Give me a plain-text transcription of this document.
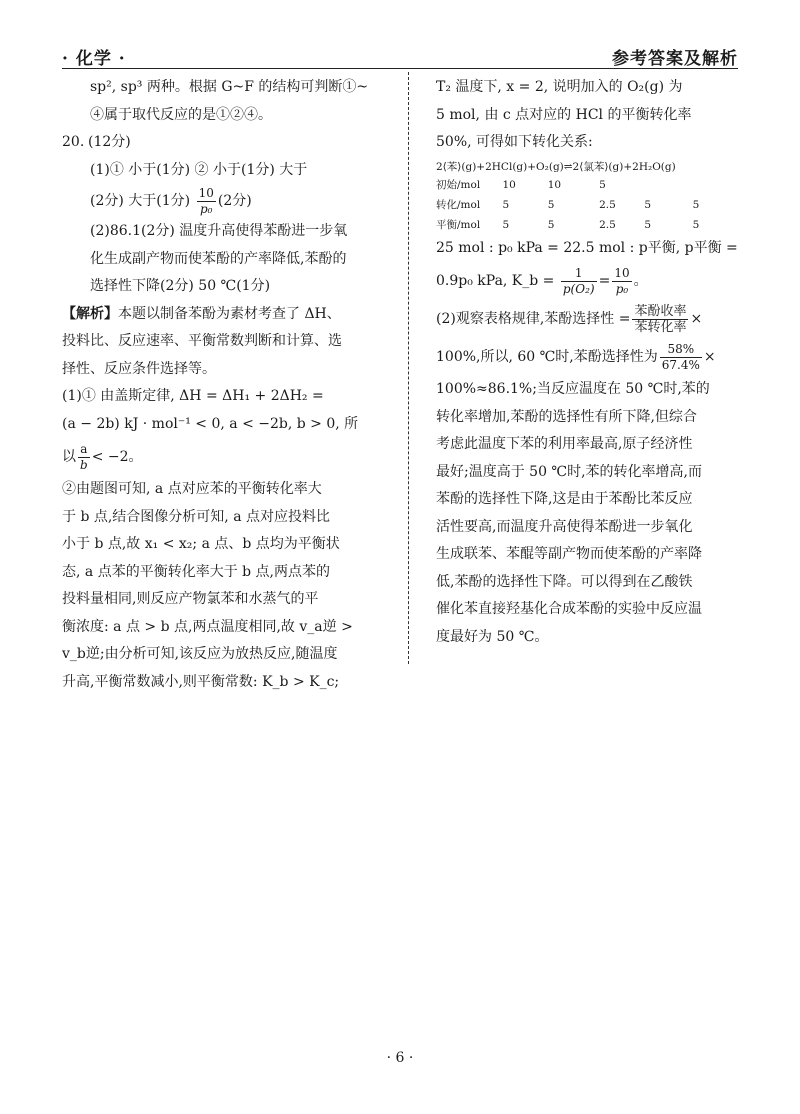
· 化学 ·	参考答案及解析

sp², sp³ 两种。根据 G~F 的结构可判断①~

④属于取代反应的是①②④。

20. (12分)

(1)① 小于(1分) ② 小于(1分) 大于

(2分) 大于(1分) $\frac{10}{\text{p₀}} (2$分)

(2)86.1(2分) 温度升高使得苯酚进一步氧

化生成副产物而使苯酚的产率降低,苯酚的

选择性下降(2分) 50 ℃(1分)

【解析】本题以制备苯酚为素材考查了 ΔH、

投料比、反应速率、平衡常数判断和计算、选

择性、反应条件选择等。

(1)① 由盖斯定律, ΔH = ΔH₁ + 2ΔH₂ =

(a − 2b) kJ · mol⁻¹ < 0, a < −2b, b > 0, 所

以 $\frac{a}{b} < -2$。

②由题图可知, a 点对应苯的平衡转化率大

于 b 点,结合图像分析可知, a 点对应投料比

小于 b 点,故 x₁ < x₂; a 点、b 点均为平衡状

态, a 点苯的平衡转化率大于 b 点,两点苯的

投料量相同,则反应产物氯苯和水蒸气的平

衡浓度: a 点 > b 点,两点温度相同,故 v_a逆 >

v_b逆;由分析可知,该反应为放热反应,随温度

升高,平衡常数减小,则平衡常数: K_b > K_c;

T₂ 温度下, x = 2, 说明加入的 O₂(g) 为

5 mol, 由 c 点对应的 HCl 的平衡转化率

50%, 可得如下转化关系:

2⟨苯⟩(g)+2HCl(g)+O₂(g)⇌2⟨氯苯⟩(g)+2H₂O(g)

初始/mol	10	10	5		
转化/mol	5	5	2.5	5	5
平衡/mol	5	5	2.5	5	5

25 mol : p₀ kPa = 22.5 mol : p平衡, p平衡 =

0.9p₀ kPa, K_b = $\frac{1}{\text{p(O₂)}} = \frac{10}{\text{p₀}}$ 。

(2)观察表格规律,苯酚选择性 = $\frac{\text{苯酚收率}}{\text{苯转化率}}$ ×

100%,所以, 60 ℃时,苯酚选择性为 $\frac{58\%}{67.4\%}$ ×

100%≈86.1%;当反应温度在 50 ℃时,苯的

转化率增加,苯酚的选择性有所下降,但综合

考虑此温度下苯的利用率最高,原子经济性

最好;温度高于 50 ℃时,苯的转化率增高,而

苯酚的选择性下降,这是由于苯酚比苯反应

活性要高,而温度升高使得苯酚进一步氧化

生成联苯、苯醌等副产物而使苯酚的产率降

低,苯酚的选择性下降。可以得到在乙酸铁

催化苯直接羟基化合成苯酚的实验中反应温

度最好为 50 ℃。

· 6 ·
